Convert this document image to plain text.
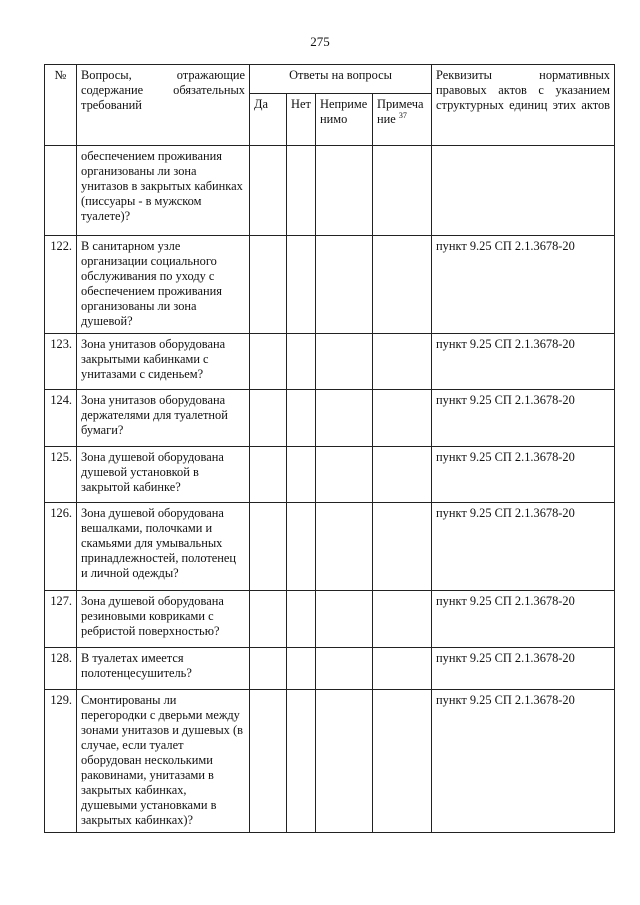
275
№	Вопросы, отражающие содержание обязательных требований	Ответы на вопросы				Реквизиты нормативных правовых актов с указанием структурных единиц этих актов
		Да	Нет	Неприме нимо	Примеча ние $^{37}$
	обеспечением проживания организованы ли зона унитазов в закрытых кабинках (писсуары - в мужском туалете)?					
122.	В санитарном узле организации социального обслуживания по уходу с обеспечением проживания организованы ли зона душевой?					пункт 9.25 СП 2.1.3678-20
123.	Зона унитазов оборудована закрытыми кабинками с унитазами с сиденьем?					пункт 9.25 СП 2.1.3678-20
124.	Зона унитазов оборудована держателями для туалетной бумаги?					пункт 9.25 СП 2.1.3678-20
125.	Зона душевой оборудована душевой установкой в закрытой кабинке?					пункт 9.25 СП 2.1.3678-20
126.	Зона душевой оборудована вешалками, полочками и скамьями для умывальных принадлежностей, полотенец и личной одежды?					пункт 9.25 СП 2.1.3678-20
127.	Зона душевой оборудована резиновыми ковриками с ребристой поверхностью?					пункт 9.25 СП 2.1.3678-20
128.	В туалетах имеется полотенцесушитель?					пункт 9.25 СП 2.1.3678-20
129.	Смонтированы ли перегородки с дверьми между зонами унитазов и душевых (в случае, если туалет оборудован несколькими раковинами, унитазами в закрытых кабинках, душевыми установками в закрытых кабинках)?					пункт 9.25 СП 2.1.3678-20
